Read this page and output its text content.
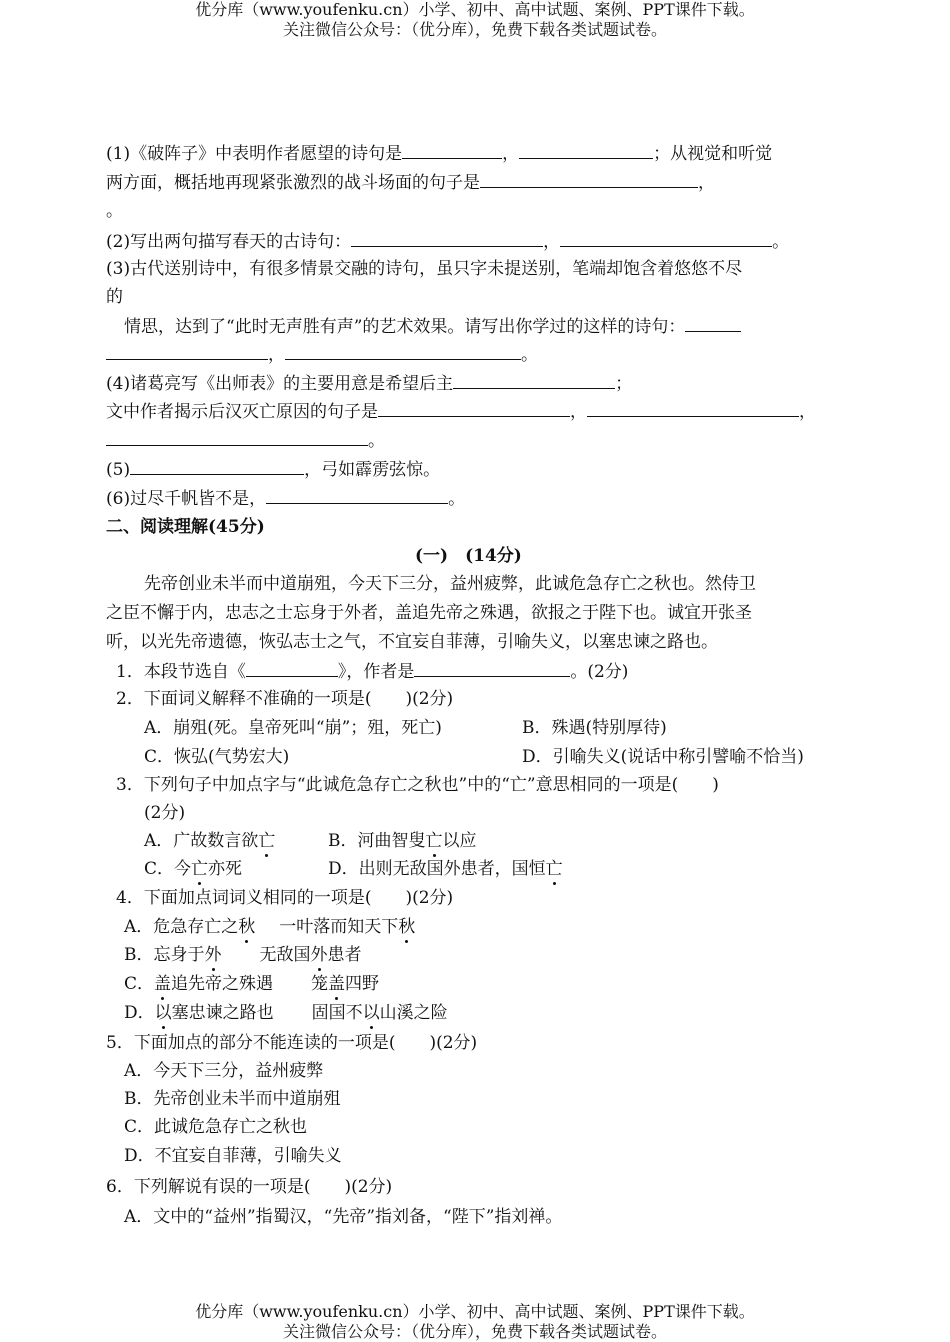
优分库（www.youfenku.cn）小学、初中、高中试题、案例、PPT课件下载。
关注微信公众号：（优分库），免费下载各类试题试卷。
(1)《破阵子》中表明作者愿望的诗句是	，	；从视觉和听觉
两方面，概括地再现紧张激烈的战斗场面的句子是	，
。
(2)写出两句描写春天的古诗句：	，	。
(3)古代送别诗中，有很多情景交融的诗句，虽只字未提送别，笔端却饱含着悠悠不尽
的
情思，达到了“此时无声胜有声”的艺术效果。请写出你学过的这样的诗句：
，	。
(4)诸葛亮写《出师表》的主要用意是希望后主	；
文中作者揭示后汉灭亡原因的句子是	，	，
。
(5)	，弓如霹雳弦惊。
(6)过尽千帆皆不是，	。
二、阅读理解(45分)
(一)　(14分)
先帝创业未半而中道崩殂，今天下三分，益州疲弊，此诚危急存亡之秋也。然侍卫
之臣不懈于内，忠志之士忘身于外者，盖追先帝之殊遇，欲报之于陛下也。诚宜开张圣
听，以光先帝遗德，恢弘志士之气，不宜妄自菲薄，引喻失义，以塞忠谏之路也。
1．本段节选自《	》，作者是	。(2分)
2．下面词义解释不准确的一项是(　　)(2分)
A．崩殂(死。皇帝死叫“崩”；殂，死亡)	B．殊遇(特别厚待)
C．恢弘(气势宏大)	D．引喻失义(说话中称引譬喻不恰当)
3．下列句子中加点字与“此诚危急存亡之秋也”中的“亡”意思相同的一项是(　　)
(2分)
A．广故数言欲亡	B．河曲智叟亡以应
C．今亡亦死	D．出则无敌国外患者，国恒亡
4．下面加点词词义相同的一项是(　　)(2分)
A．危急存亡之秋 一叶落而知天下秋
B．忘身于外 无敌国外患者
C．盖追先帝之殊遇 笼盖四野
D．以塞忠谏之路也 固国不以山溪之险
5．下面加点的部分不能连读的一项是(　　)(2分)
A．今天下三分，益州疲弊
B．先帝创业未半而中道崩殂
C．此诚危急存亡之秋也
D．不宜妄自菲薄，引喻失义
6．下列解说有误的一项是(　　)(2分)
A．文中的“益州”指蜀汉，“先帝”指刘备，“陛下”指刘禅。
优分库（www.youfenku.cn）小学、初中、高中试题、案例、PPT课件下载。
关注微信公众号：（优分库），免费下载各类试题试卷。
